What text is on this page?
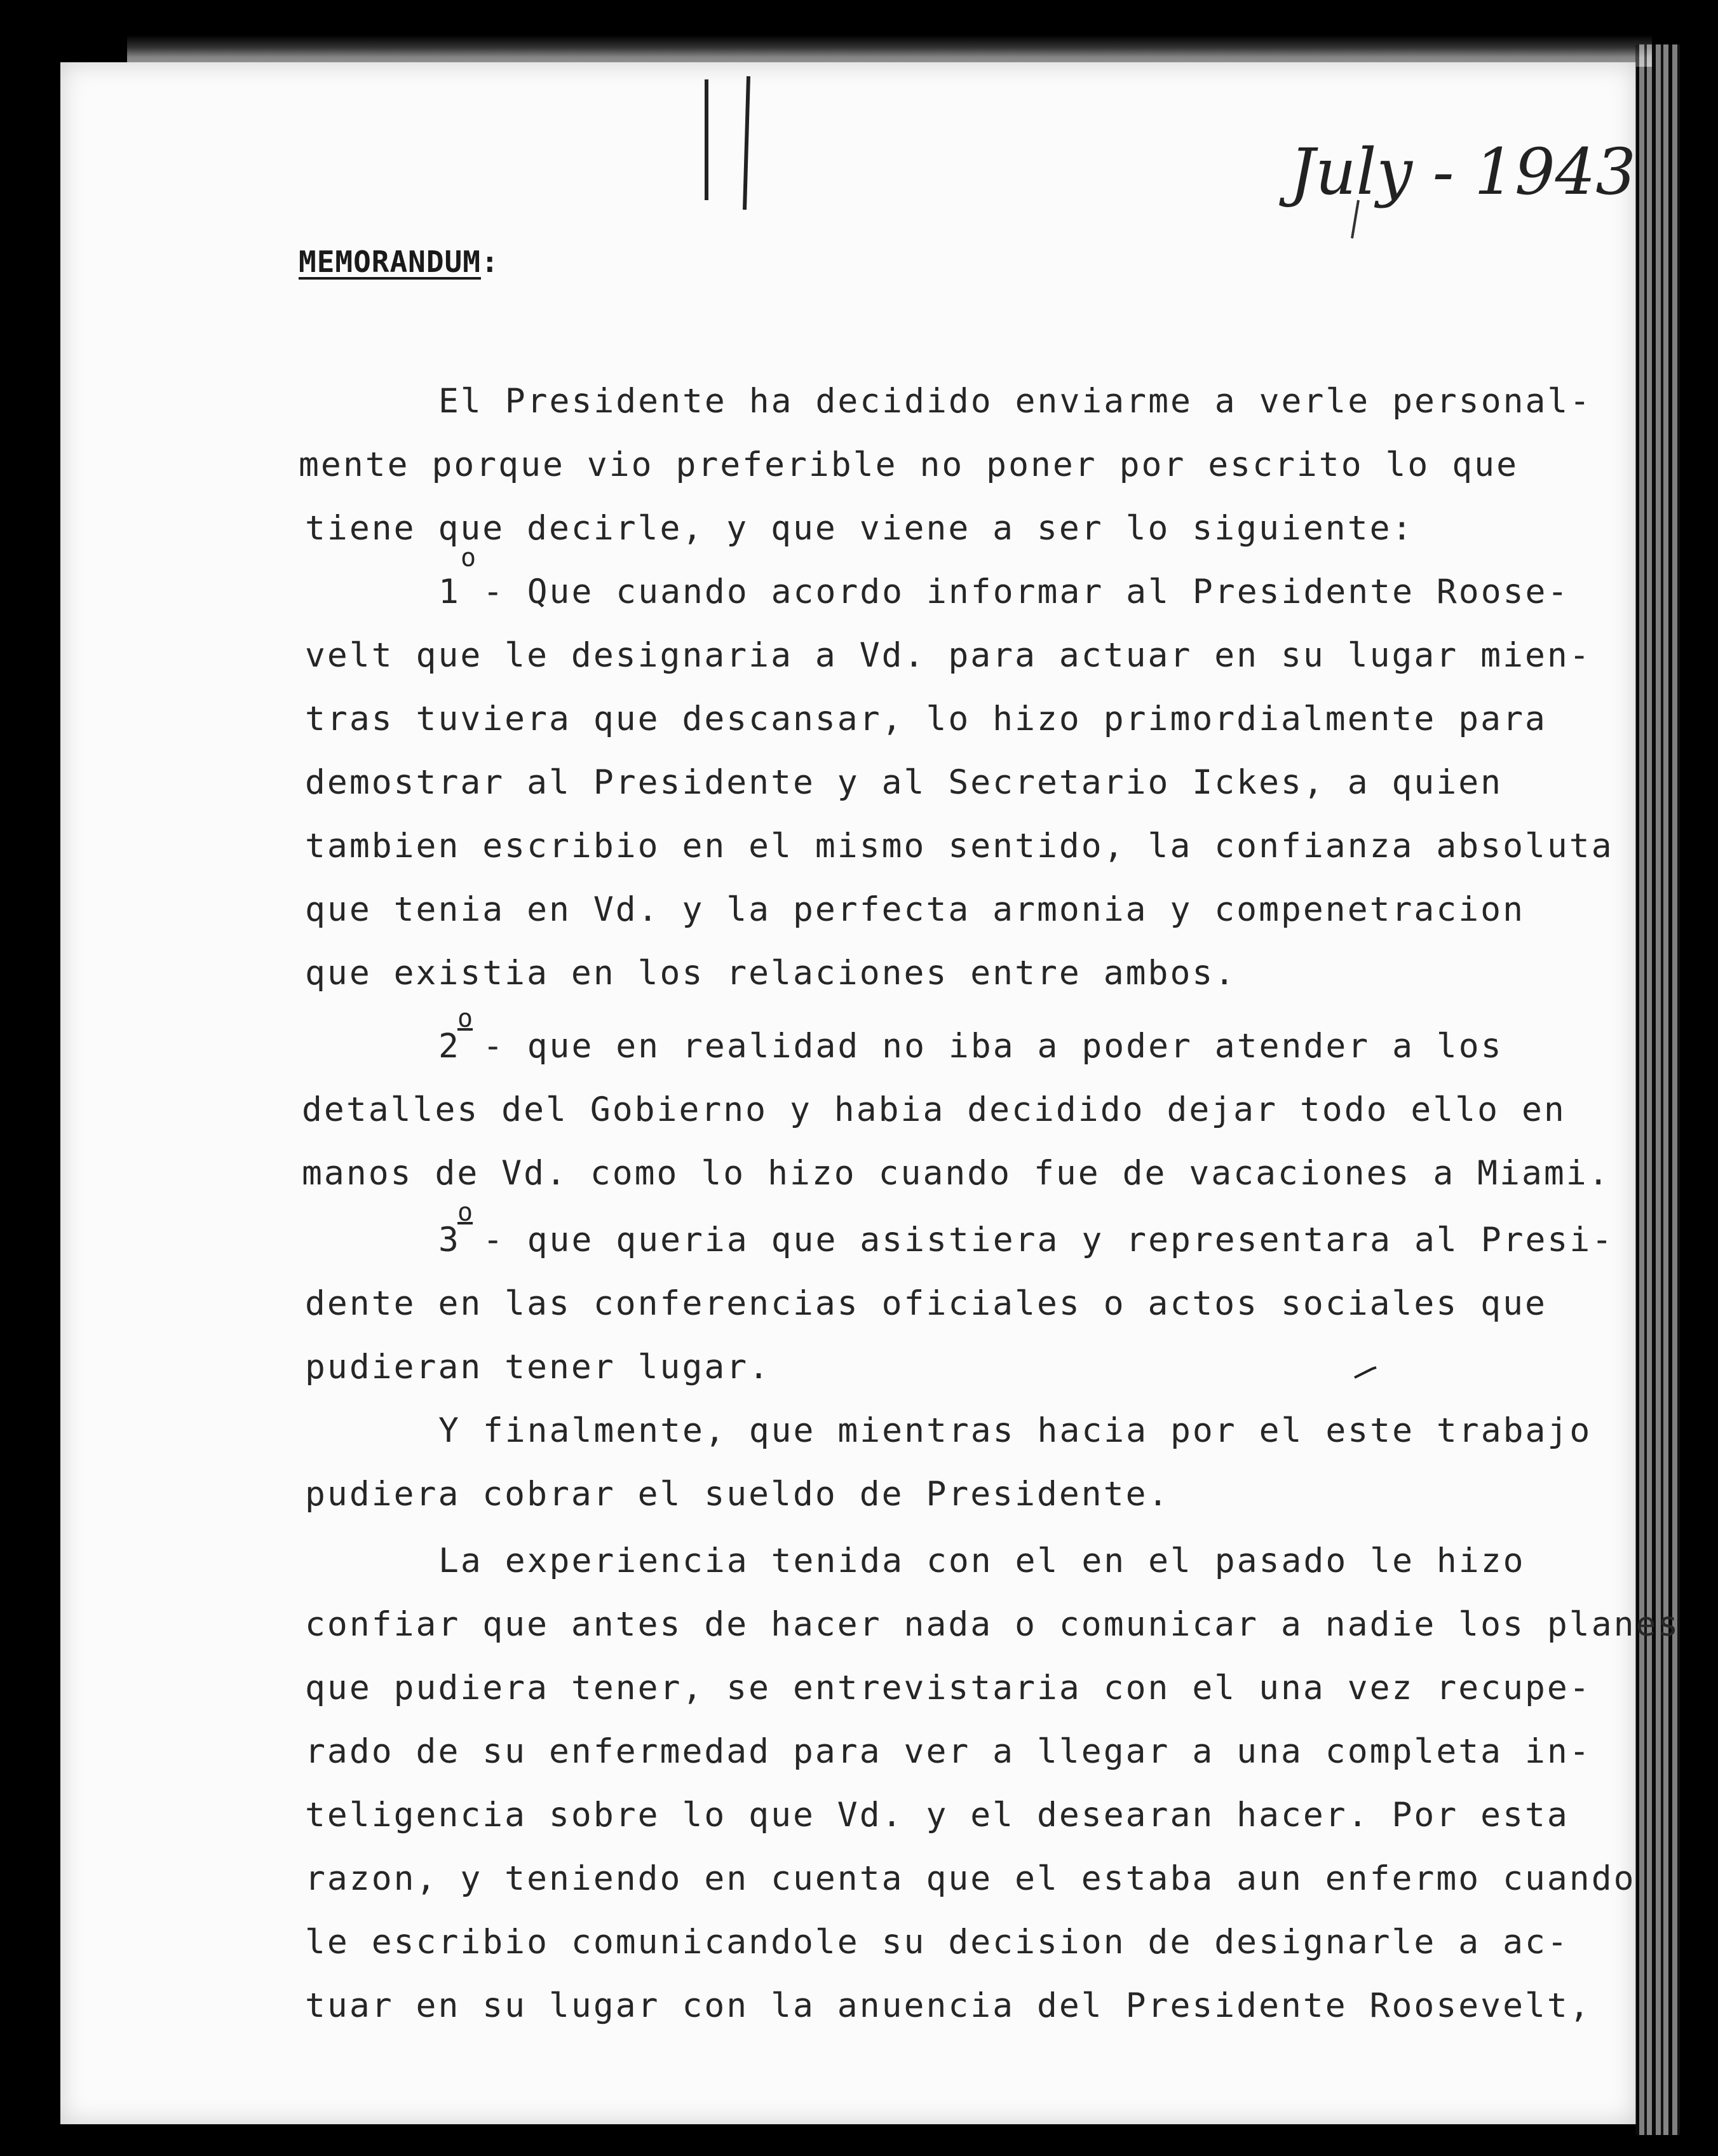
July - 1943
MEMORANDUM:
El Presidente ha decidido enviarme a verle personal-
mente porque vio preferible no poner por escrito lo que
tiene que decirle, y que viene a ser lo siguiente:
o
1 - Que cuando acordo informar al Presidente Roose-
velt que le designaria a Vd. para actuar en su lugar mien-
tras tuviera que descansar, lo hizo primordialmente para
demostrar al Presidente y al Secretario Ickes, a quien
tambien escribio en el mismo sentido, la confianza absoluta
que tenia en Vd. y la perfecta armonia y compenetracion
que existia en los relaciones entre ambos.
o
2 - que en realidad no iba a poder atender a los
detalles del Gobierno y habia decidido dejar todo ello en
manos de Vd. como lo hizo cuando fue de vacaciones a Miami.
o
3 - que queria que asistiera y representara al Presi-
dente en las conferencias oficiales o actos sociales que
pudieran tener lugar.
Y finalmente, que mientras hacia por el este trabajo
pudiera cobrar el sueldo de Presidente.
La experiencia tenida con el en el pasado le hizo
confiar que antes de hacer nada o comunicar a nadie los planes
que pudiera tener, se entrevistaria con el una vez recupe-
rado de su enfermedad para ver a llegar a una completa in-
teligencia sobre lo que Vd. y el desearan hacer. Por esta
razon, y teniendo en cuenta que el estaba aun enfermo cuando
le escribio comunicandole su decision de designarle a ac-
tuar en su lugar con la anuencia del Presidente Roosevelt,
